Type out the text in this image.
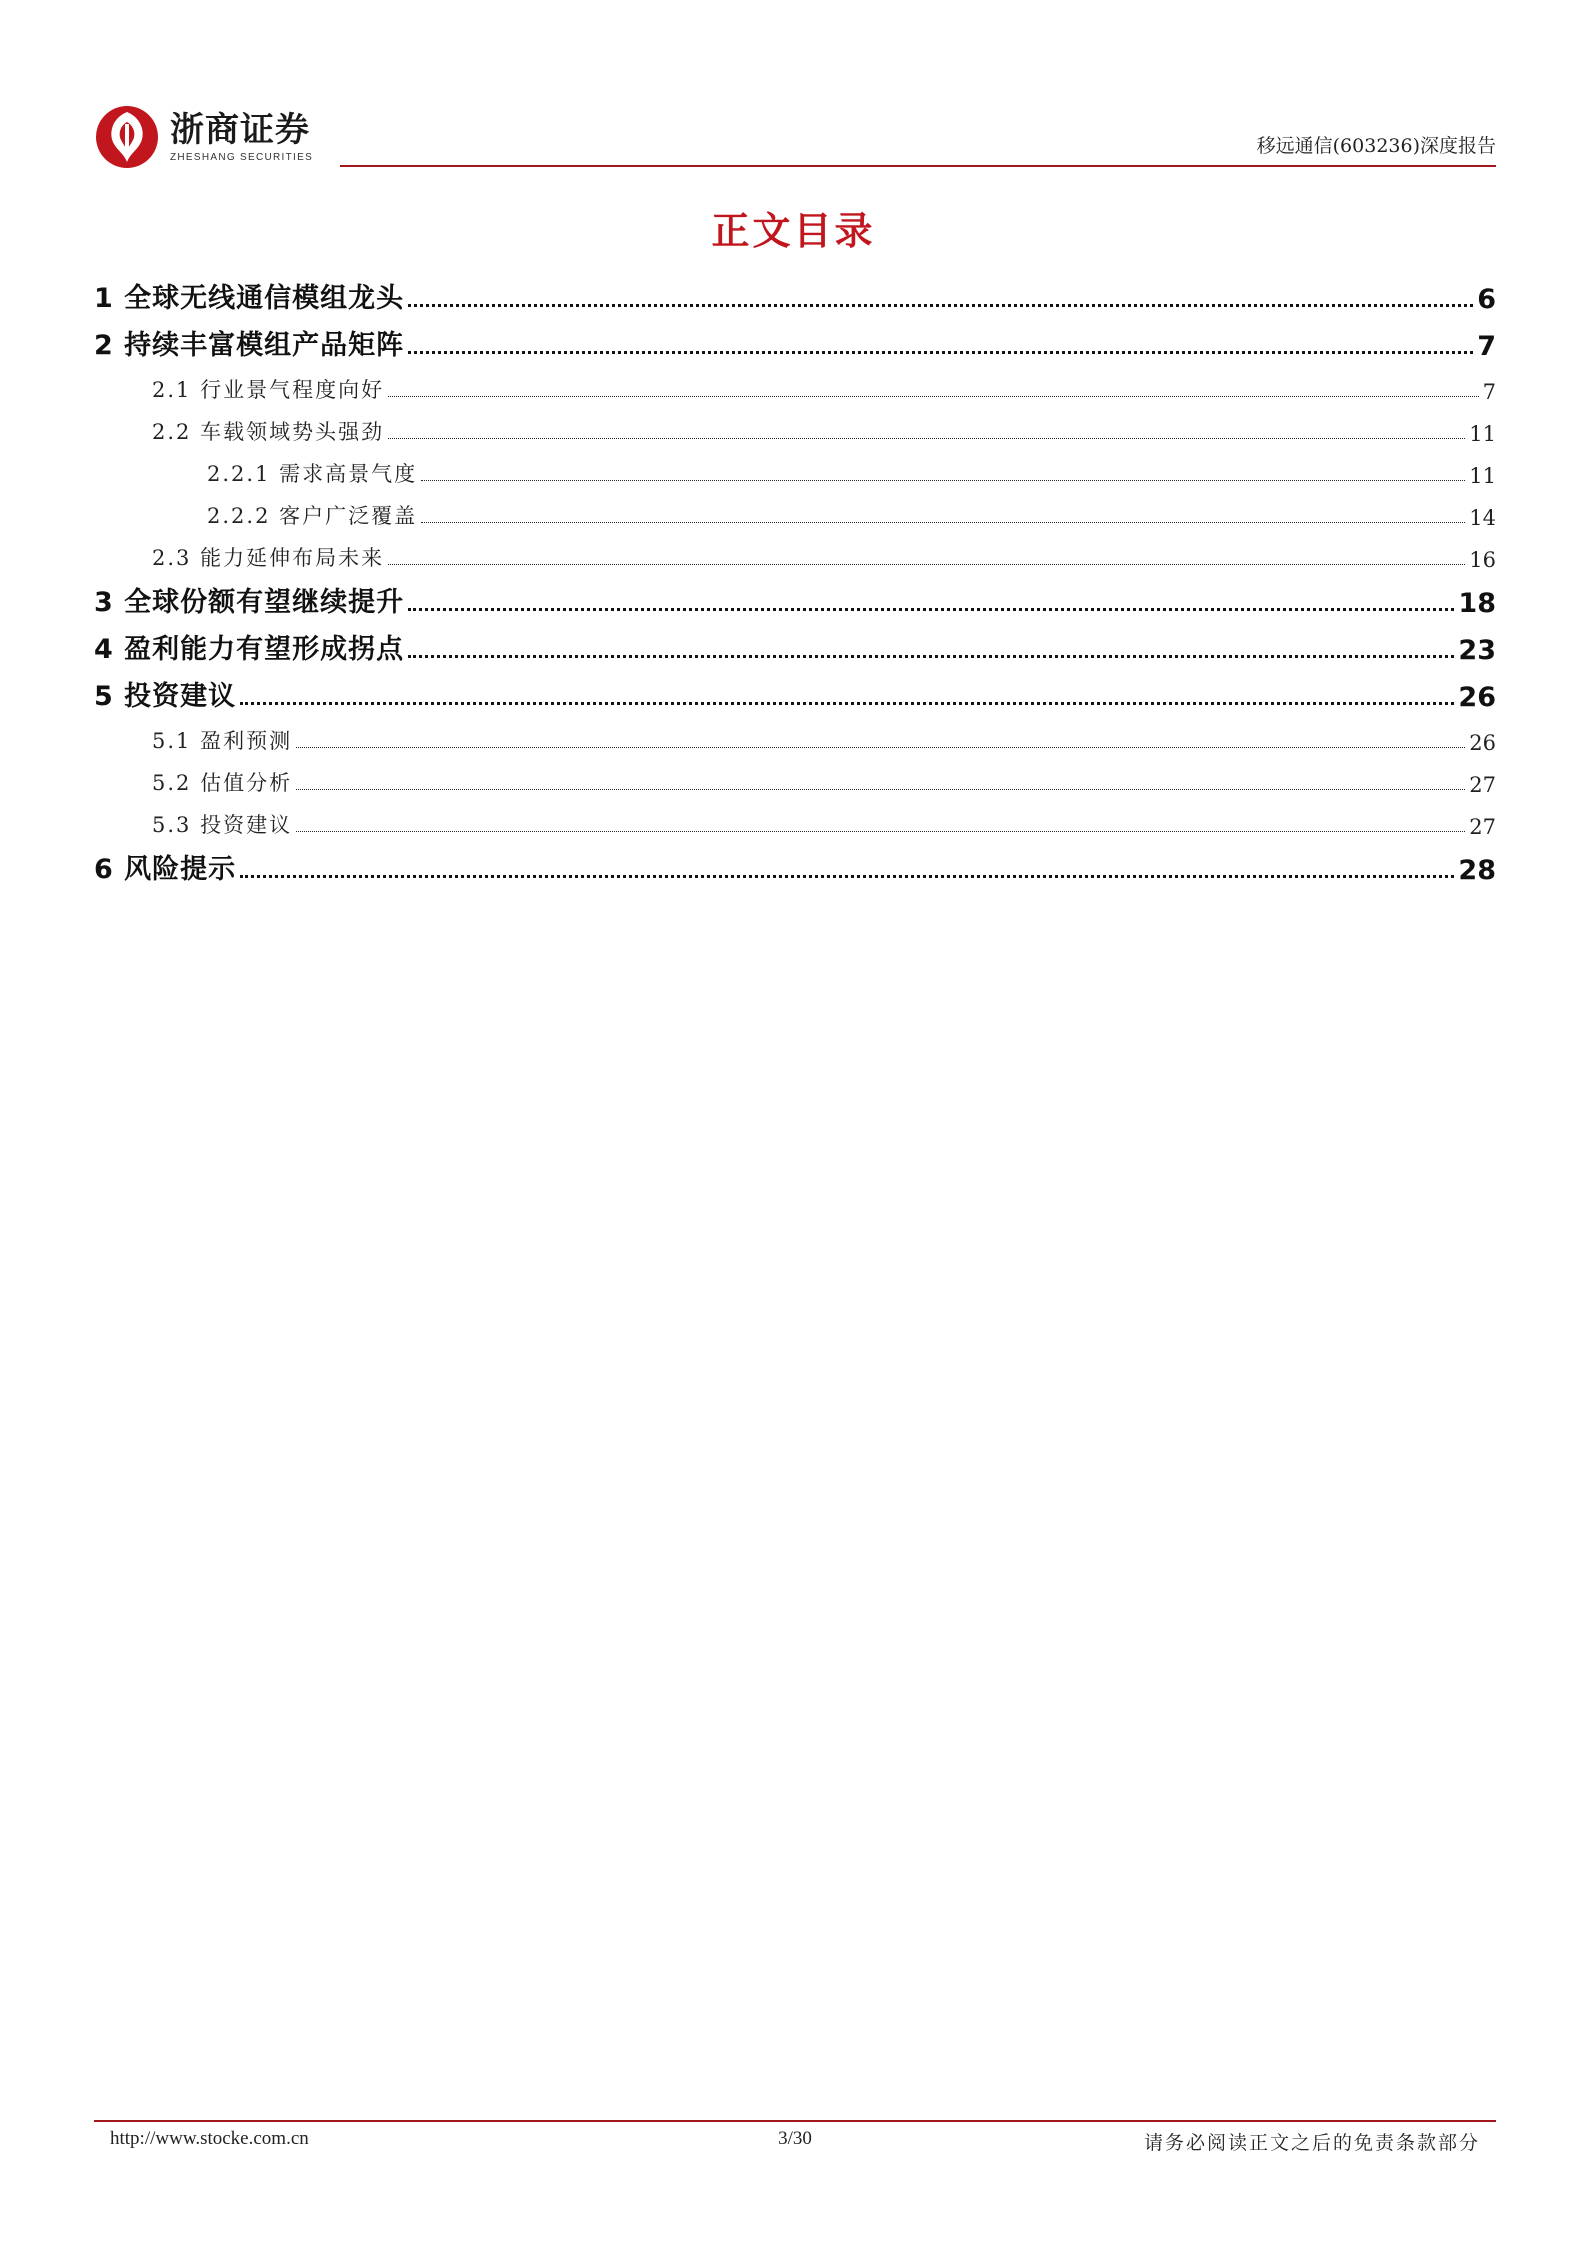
浙商证券
ZHESHANG SECURITIES
移远通信(603236)深度报告
正文目录
1 全球无线通信模组龙头	6
2 持续丰富模组产品矩阵	7
2.1 行业景气程度向好	7
2.2 车载领域势头强劲	11
2.2.1 需求高景气度	11
2.2.2 客户广泛覆盖	14
2.3 能力延伸布局未来	16
3 全球份额有望继续提升	18
4 盈利能力有望形成拐点	23
5 投资建议	26
5.1 盈利预测	26
5.2 估值分析	27
5.3 投资建议	27
6 风险提示	28
http://www.stocke.com.cn	3/30	请务必阅读正文之后的免责条款部分
